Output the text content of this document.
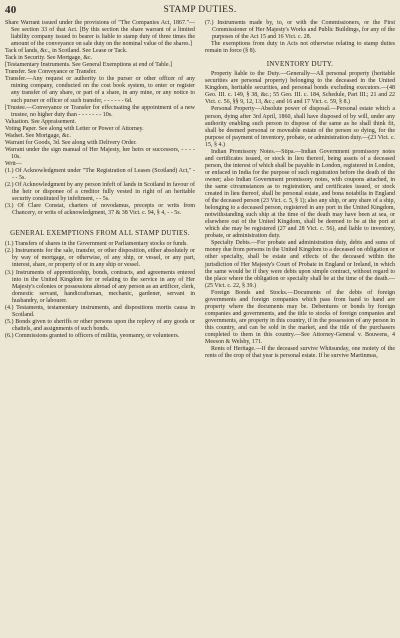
40	STAMP DUTIES.

Share Warrant issued under the provisions of "The Companies Act, 1867."—See section 33 of that Act. [By this section the share warrant of a limited liability company issued to bearer is liable to stamp duty of three times the amount of the conveyance on sale duty on the nominal value of the shares.]

Tack of lands, &c., in Scotland. See Lease or Tack.

Tack in Security. See Mortgage, &c.

[Testamentary Instruments. See General Exemptions at end of Table.]

Transfer. See Conveyance or Transfer.

Transfer.—Any request or authority to the purser or other officer of any mining company, conducted on the cost book system, to enter or register any transfer of any share, or part of a share, in any mine, or any notice to such purser or officer of such transfer, - - - - - - 6d.

[Trustee.—Conveyance or Transfer for effectuating the appointment of a new trustee, no higher duty than - - - - - - - 10s.

Valuation. See Appraisement.

Voting Paper. See along with Letter or Power of Attorney.

Wadset. See Mortgage, &c.

Warrant for Goods, 3d. See along with Delivery Order.

Warrant under the sign manual of Her Majesty, her heirs or successors, - - - - 10s.

Writ—

(1.) Of Acknowledgment under "The Registration of Leases (Scotland) Act," - - - 5s.

(2.) Of Acknowledgment by any person infeft of lands in Scotland in favour of the heir or disponee of a creditor fully vested in right of an heritable security constituted by infeftment, - - 5s.

(3.) Of Clare Constat, charters of novodamus, precepts or writs from Chancery, or writs of acknowledgment, 37 & 38 Vict. c. 94, § 4, - - 5s.

GENERAL EXEMPTIONS FROM ALL STAMP DUTIES.

(1.) Transfers of shares in the Government or Parliamentary stocks or funds.

(2.) Instruments for the sale, transfer, or other disposition, either absolutely or by way of mortgage, or otherwise, of any ship, or vessel, or any part, interest, share, or property of or in any ship or vessel.

(3.) Instruments of apprenticeship, bonds, contracts, and agreements entered into in the United Kingdom for or relating to the service in any of Her Majesty's colonies or possessions abroad of any person as an artificer, clerk, domestic servant, handicraftsman, mechanic, gardener, servant in husbandry, or labourer.

(4.) Testaments, testamentary instruments, and dispositions mortis causa in Scotland.

(5.) Bonds given to sheriffs or other persons upon the replevy of any goods or chattels, and assignments of such bonds.

(6.) Commissions granted to officers of militia, yeomanry, or volunteers.

(7.) Instruments made by, to, or with the Commissioners, or the First Commissioner of Her Majesty's Works and Public Buildings, for any of the purposes of the Act 15 and 16 Vict. c. 28.

The exemptions from duty in Acts not otherwise relating to stamp duties remain in force (§ 8).

INVENTORY DUTY.

Property liable to the Duty.—Generally—All personal property (heritable securities are personal property) belonging to the deceased in the United Kingdom, heritable securities, and personal bonds excluding executors.—(48 Geo. III. c. 149, § 38, &c.; 55 Geo. III. c. 184, Schedule, Part III.; 21 and 22 Vict. c. 56, §§ 9, 12, 13, &c.; and 16 and 17 Vict. c. 59, § 8.)

Personal Property—Absolute power of disposal.—Personal estate which a person, dying after 3rd April, 1860, shall have disposed of by will, under any authority enabling such person to dispose of the same as he shall think fit, shall be deemed personal or moveable estate of the person so dying, for the purpose of payment of inventory, probate, or administration duty.—(23 Vict. c. 15, § 4.)

Indian Promissory Notes.—Stipa.—Indian Government promissory notes and certificates issued, or stock in lieu thereof, being assets of a deceased person, the interest of which shall be payable in London, registered in London, or enfaced in India for the purpose of such registration before the death of the owner; also Indian Government promissory notes, with coupons attached, in the same circumstances as to registration, and certificates issued, or stock created in lieu thereof, shall be personal estate, and bona notabilia in England of the deceased person (23 Vict. c. 5, § 1); also any ship, or any share of a ship, belonging to a deceased person, registered in any port in the United Kingdom, notwithstanding such ship at the time of the death may have been at sea, or elsewhere out of the United Kingdom, shall be deemed to be at the port at which she may be registered (27 and 28 Vict. c. 56), and liable to inventory, probate, or administration duty.

Specialty Debts.—For probate and administration duty, debts and sums of money due from persons in the United Kingdom to a deceased on obligation or other specialty, shall be estate and effects of the deceased within the jurisdiction of Her Majesty's Court of Probate in England or Ireland, in which the same would be if they were debts upon simple contract, without regard to the place where the obligation or specialty shall be at the time of the death.—(25 Vict. c. 22, § 39.)

Foreign Bonds and Stocks.—Documents of the debts of foreign governments and foreign companies which pass from hand to hand are property where the documents may be. Debentures or bonds by foreign companies and governments, and the title to stocks of foreign companies and governments, are property in this country, if in the possession of any person in this country, and can be sold in the market, and the title of the purchasers completed to them in this country.—See Attorney-General v. Bouwens, 4 Meeson & Welsby, 171.

Rents of Heritage.—If the deceased survive Whitsunday, one moiety of the rents of the crop of that year is personal estate. If he survive Martinmas,
